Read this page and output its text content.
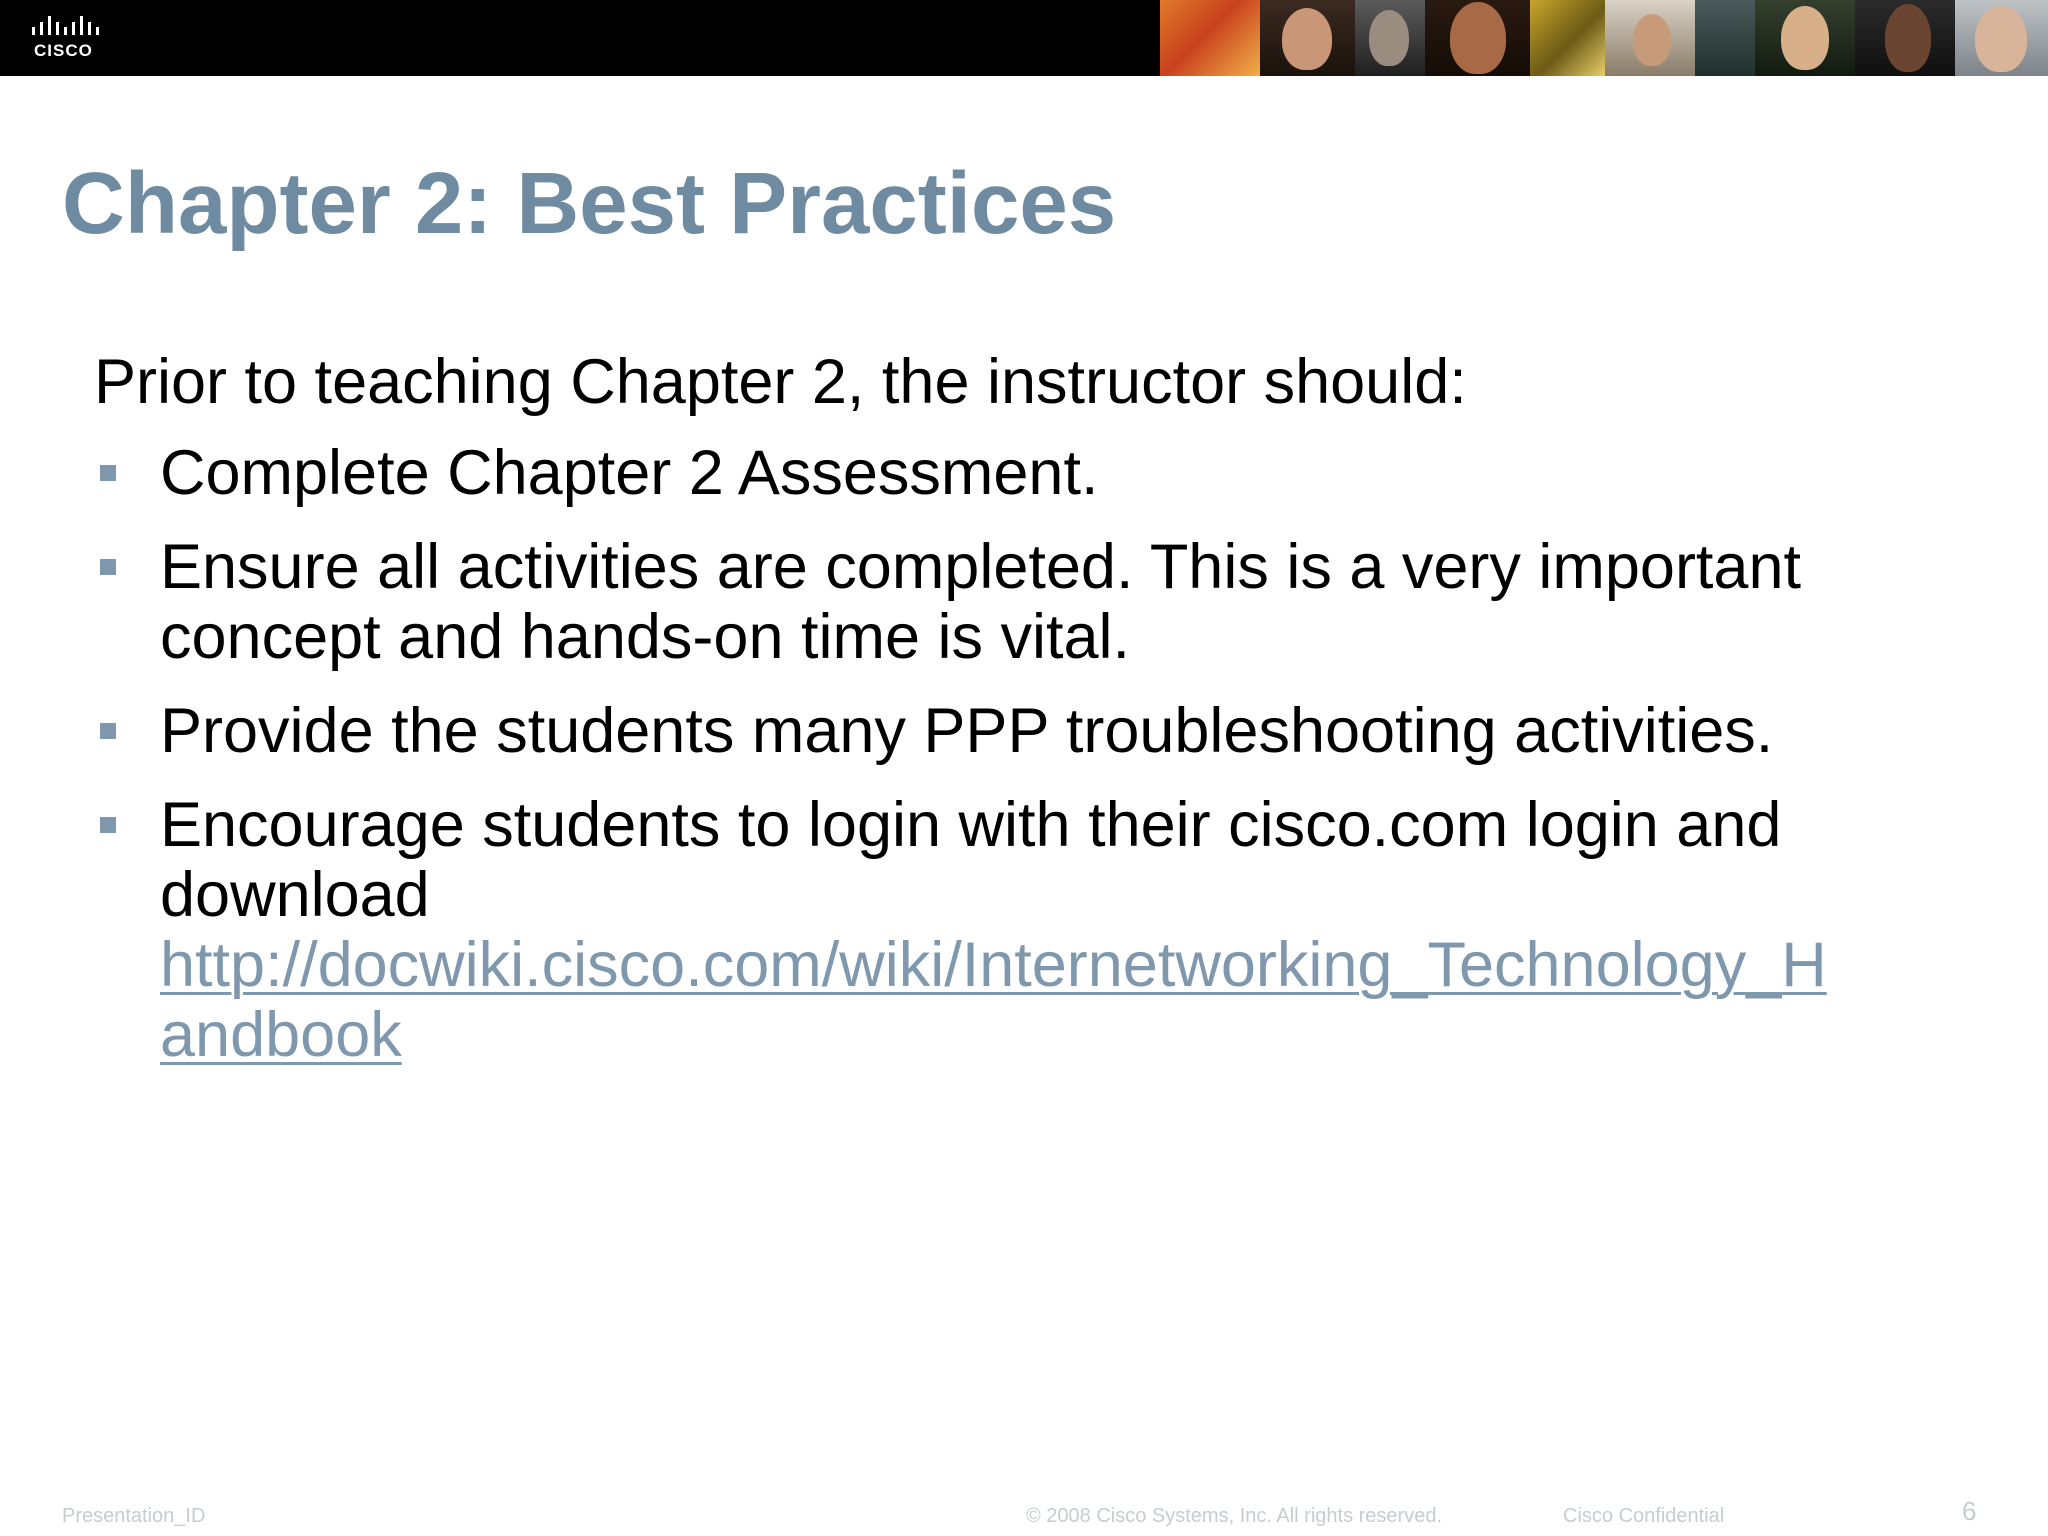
CISCO
Chapter 2: Best Practices

Prior to teaching Chapter 2, the instructor should:

Complete Chapter 2 Assessment.
Ensure all activities are completed. This is a very important
concept and hands-on time is vital.
Provide the students many PPP troubleshooting activities.
Encourage students to login with their cisco.com login and
download
http://docwiki.cisco.com/wiki/Internetworking_Technology_H
andbook
Presentation_ID	© 2008 Cisco Systems, Inc. All rights reserved.	Cisco Confidential	6
